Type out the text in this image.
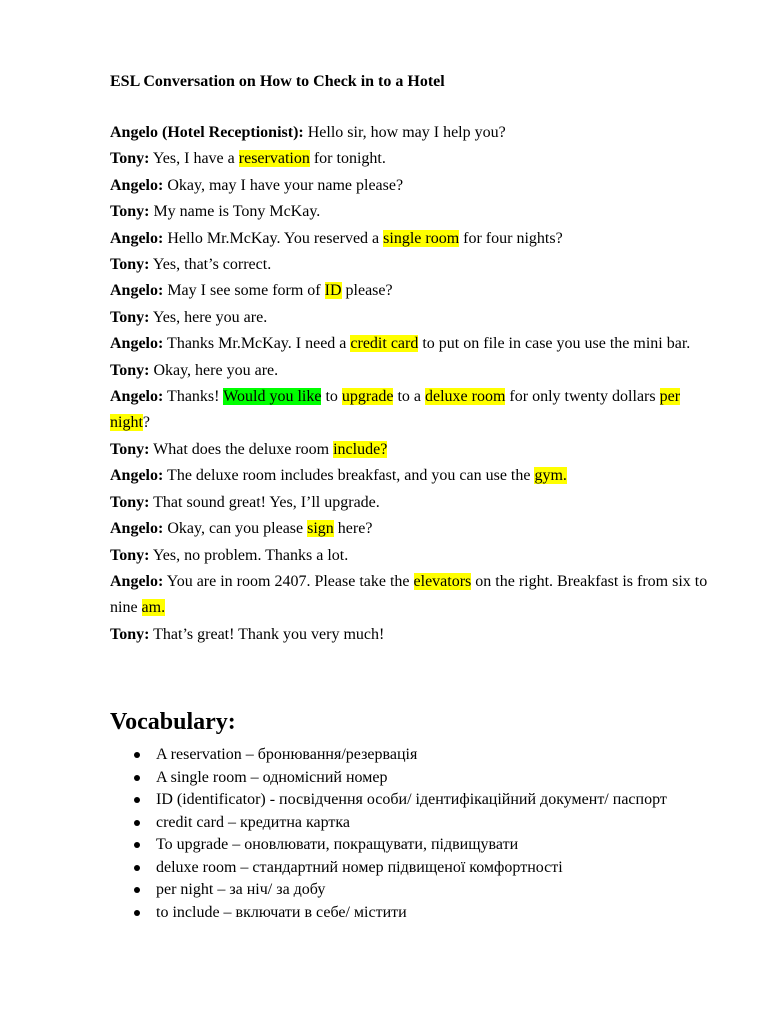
ESL Conversation on How to Check in to a Hotel

Angelo (Hotel Receptionist): Hello sir, how may I help you?

Tony: Yes, I have a reservation for tonight.

Angelo: Okay, may I have your name please?

Tony: My name is Tony McKay.

Angelo: Hello Mr.McKay. You reserved a single room for four nights?

Tony: Yes, that’s correct.

Angelo: May I see some form of ID please?

Tony: Yes, here you are.

Angelo: Thanks Mr.McKay. I need a credit card to put on file in case you use the mini bar.

Tony: Okay, here you are.

Angelo: Thanks! Would you like to upgrade to a deluxe room for only twenty dollars per night?

Tony: What does the deluxe room include?

Angelo: The deluxe room includes breakfast, and you can use the gym.

Tony: That sound great! Yes, I’ll upgrade.

Angelo: Okay, can you please sign here?

Tony: Yes, no problem. Thanks a lot.

Angelo: You are in room 2407. Please take the elevators on the right. Breakfast is from six to nine am.

Tony: That’s great! Thank you very much!

Vocabulary:
A reservation – бронювання/резервація
A single room – одномісний номер
ID (identificator) - посвідчення особи/ ідентифікаційний документ/ паспорт
credit card – кредитна картка
To upgrade – оновлювати, покращувати, підвищувати
deluxe room – стандартний номер підвищеної комфортності
per night – за ніч/ за добу
to include – включати в себе/ містити
